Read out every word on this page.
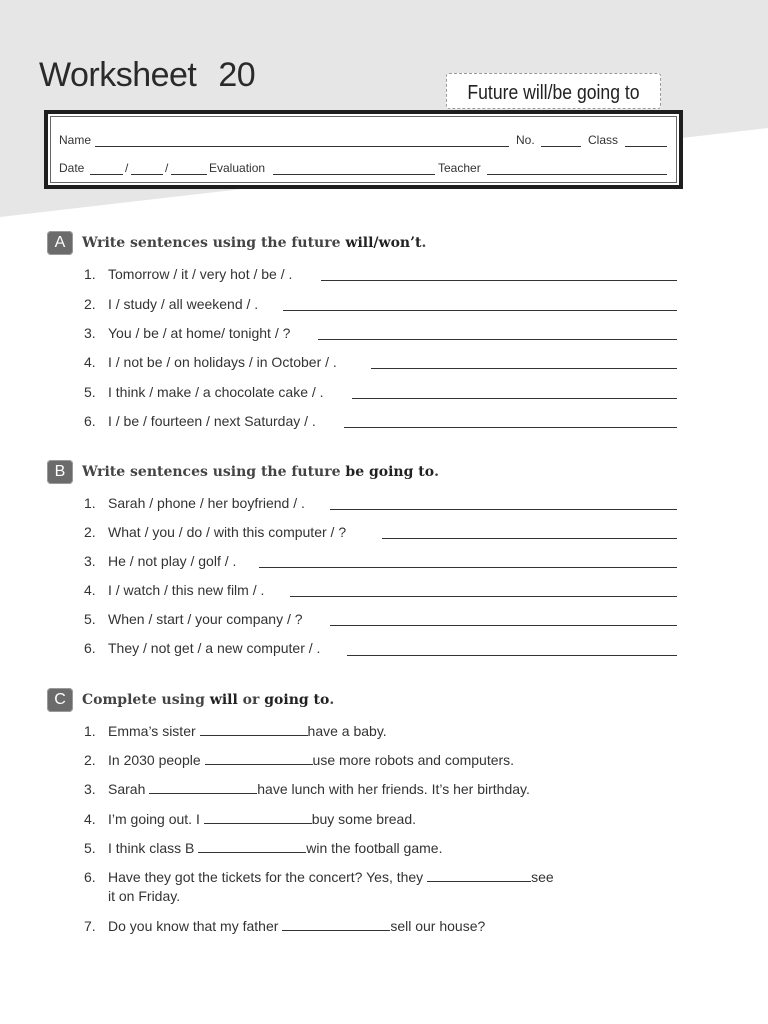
Worksheet 20	Future will/be going to
Name	No.	Class
Date	/	/	Evaluation	Teacher
A	Write sentences using the future will/won’t.
1. Tomorrow / it / very hot / be / .
2. I / study / all weekend / .
3. You / be / at home/ tonight / ?
4. I / not be / on holidays / in October / .
5. I think / make / a chocolate cake / .
6. I / be / fourteen / next Saturday / .
B	Write sentences using the future be going to.
1. Sarah / phone / her boyfriend / .
2. What / you / do / with this computer / ?
3. He / not play / golf / .
4. I / watch / this new film / .
5. When / start / your company / ?
6. They / not get / a new computer / .
C	Complete using will or going to.
1. Emma’s sister	have a baby.
2. In 2030 people	use more robots and computers.
3. Sarah	have lunch with her friends. It’s her birthday.
4. I’m going out. I	buy some bread.
5. I think class B	win the football game.
6. Have they got the tickets for the concert? Yes, they	see
it on Friday.
7. Do you know that my father	sell our house?
